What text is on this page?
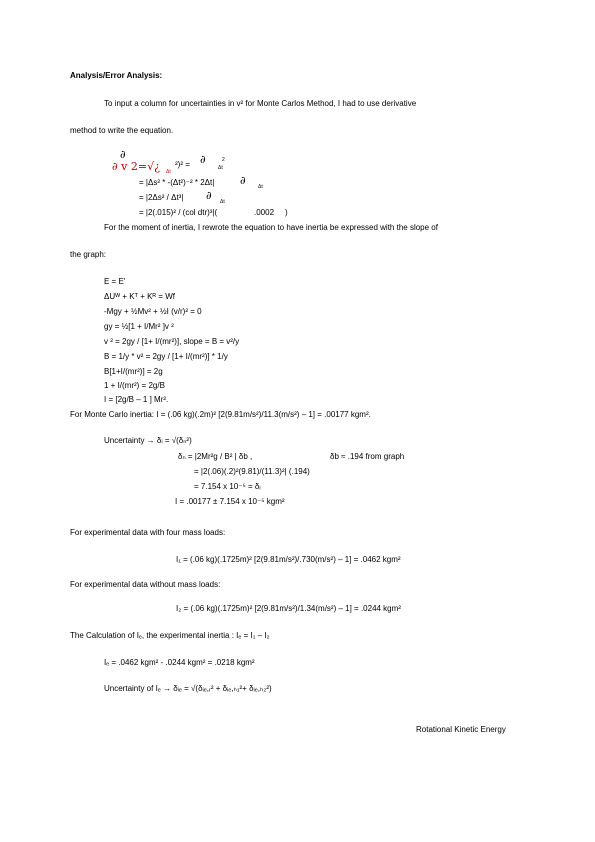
Analysis/Error Analysis:
To input a column for uncertainties in v² for Monte Carlos Method, I had to use derivative
method to write the equation.
∂
∂ v 2=√¿ Δt
²)² = ∂
Δt
2
= |Δs² * -(Δt²)⁻² * 2Δt| ∂ Δt
= |2Δs² / Δt³| ∂ Δt
= |2(.015)² / (col dtr)³|(	.0002 )
For the moment of inertia, I rewrote the equation to have inertia be expressed with the slope of
the graph:
E = E'
ΔUᵂ + Kᵀ + Kᴿ = Wf
-Mgy + ½Mv² + ½I (v/r)² = 0
gy = ½[1 + I/Mr² ]v ²
v ² = 2gy / [1+ I/(mr²)], slope = B = v²/y
B = 1/y * v² = 2gy / [1+ I/(mr²)] * 1/y
B[1+I/(mr²)] = 2g
1 + I/(mr²) = 2g/B
I = [2g/B – 1 ] Mr².
For Monte Carlo inertia: I = (.06 kg)(.2m)² [2(9.81m/s²)/11.3(m/s²) – 1] = .00177 kgm².
Uncertainty → δᵢ = √(δₙ²)
δₙ = |2Mr²g / B² | δb ,	δb ≈ .194 from graph
= |2(.06)(.2)²(9.81)/(11.3)²| (.194)
= 7.154 x 10⁻⁵ = δᵢ
I = .00177 ± 7.154 x 10⁻⁵ kgm²
For experimental data with four mass loads:
I₁ = (.06 kg)(.1725m)² [2(9.81m/s²)/.730(m/s²) – 1] = .0462 kgm²
For experimental data without mass loads:
I₂ = (.06 kg)(.1725m)² [2(9.81m/s²)/1.34(m/s²) – 1] = .0244 kgm²
The Calculation of Iₑ, the experimental inertia : Iₑ = I₁ – I₂
Iₑ = .0462 kgm² - .0244 kgm² = .0218 kgm²
Uncertainty of Iₑ → δᵢₑ = √(δᵢₑ,ᵣ² + δᵢₑ,ₕ₁²+ δᵢₑ,ₕ₂²)
Rotational Kinetic Energy
